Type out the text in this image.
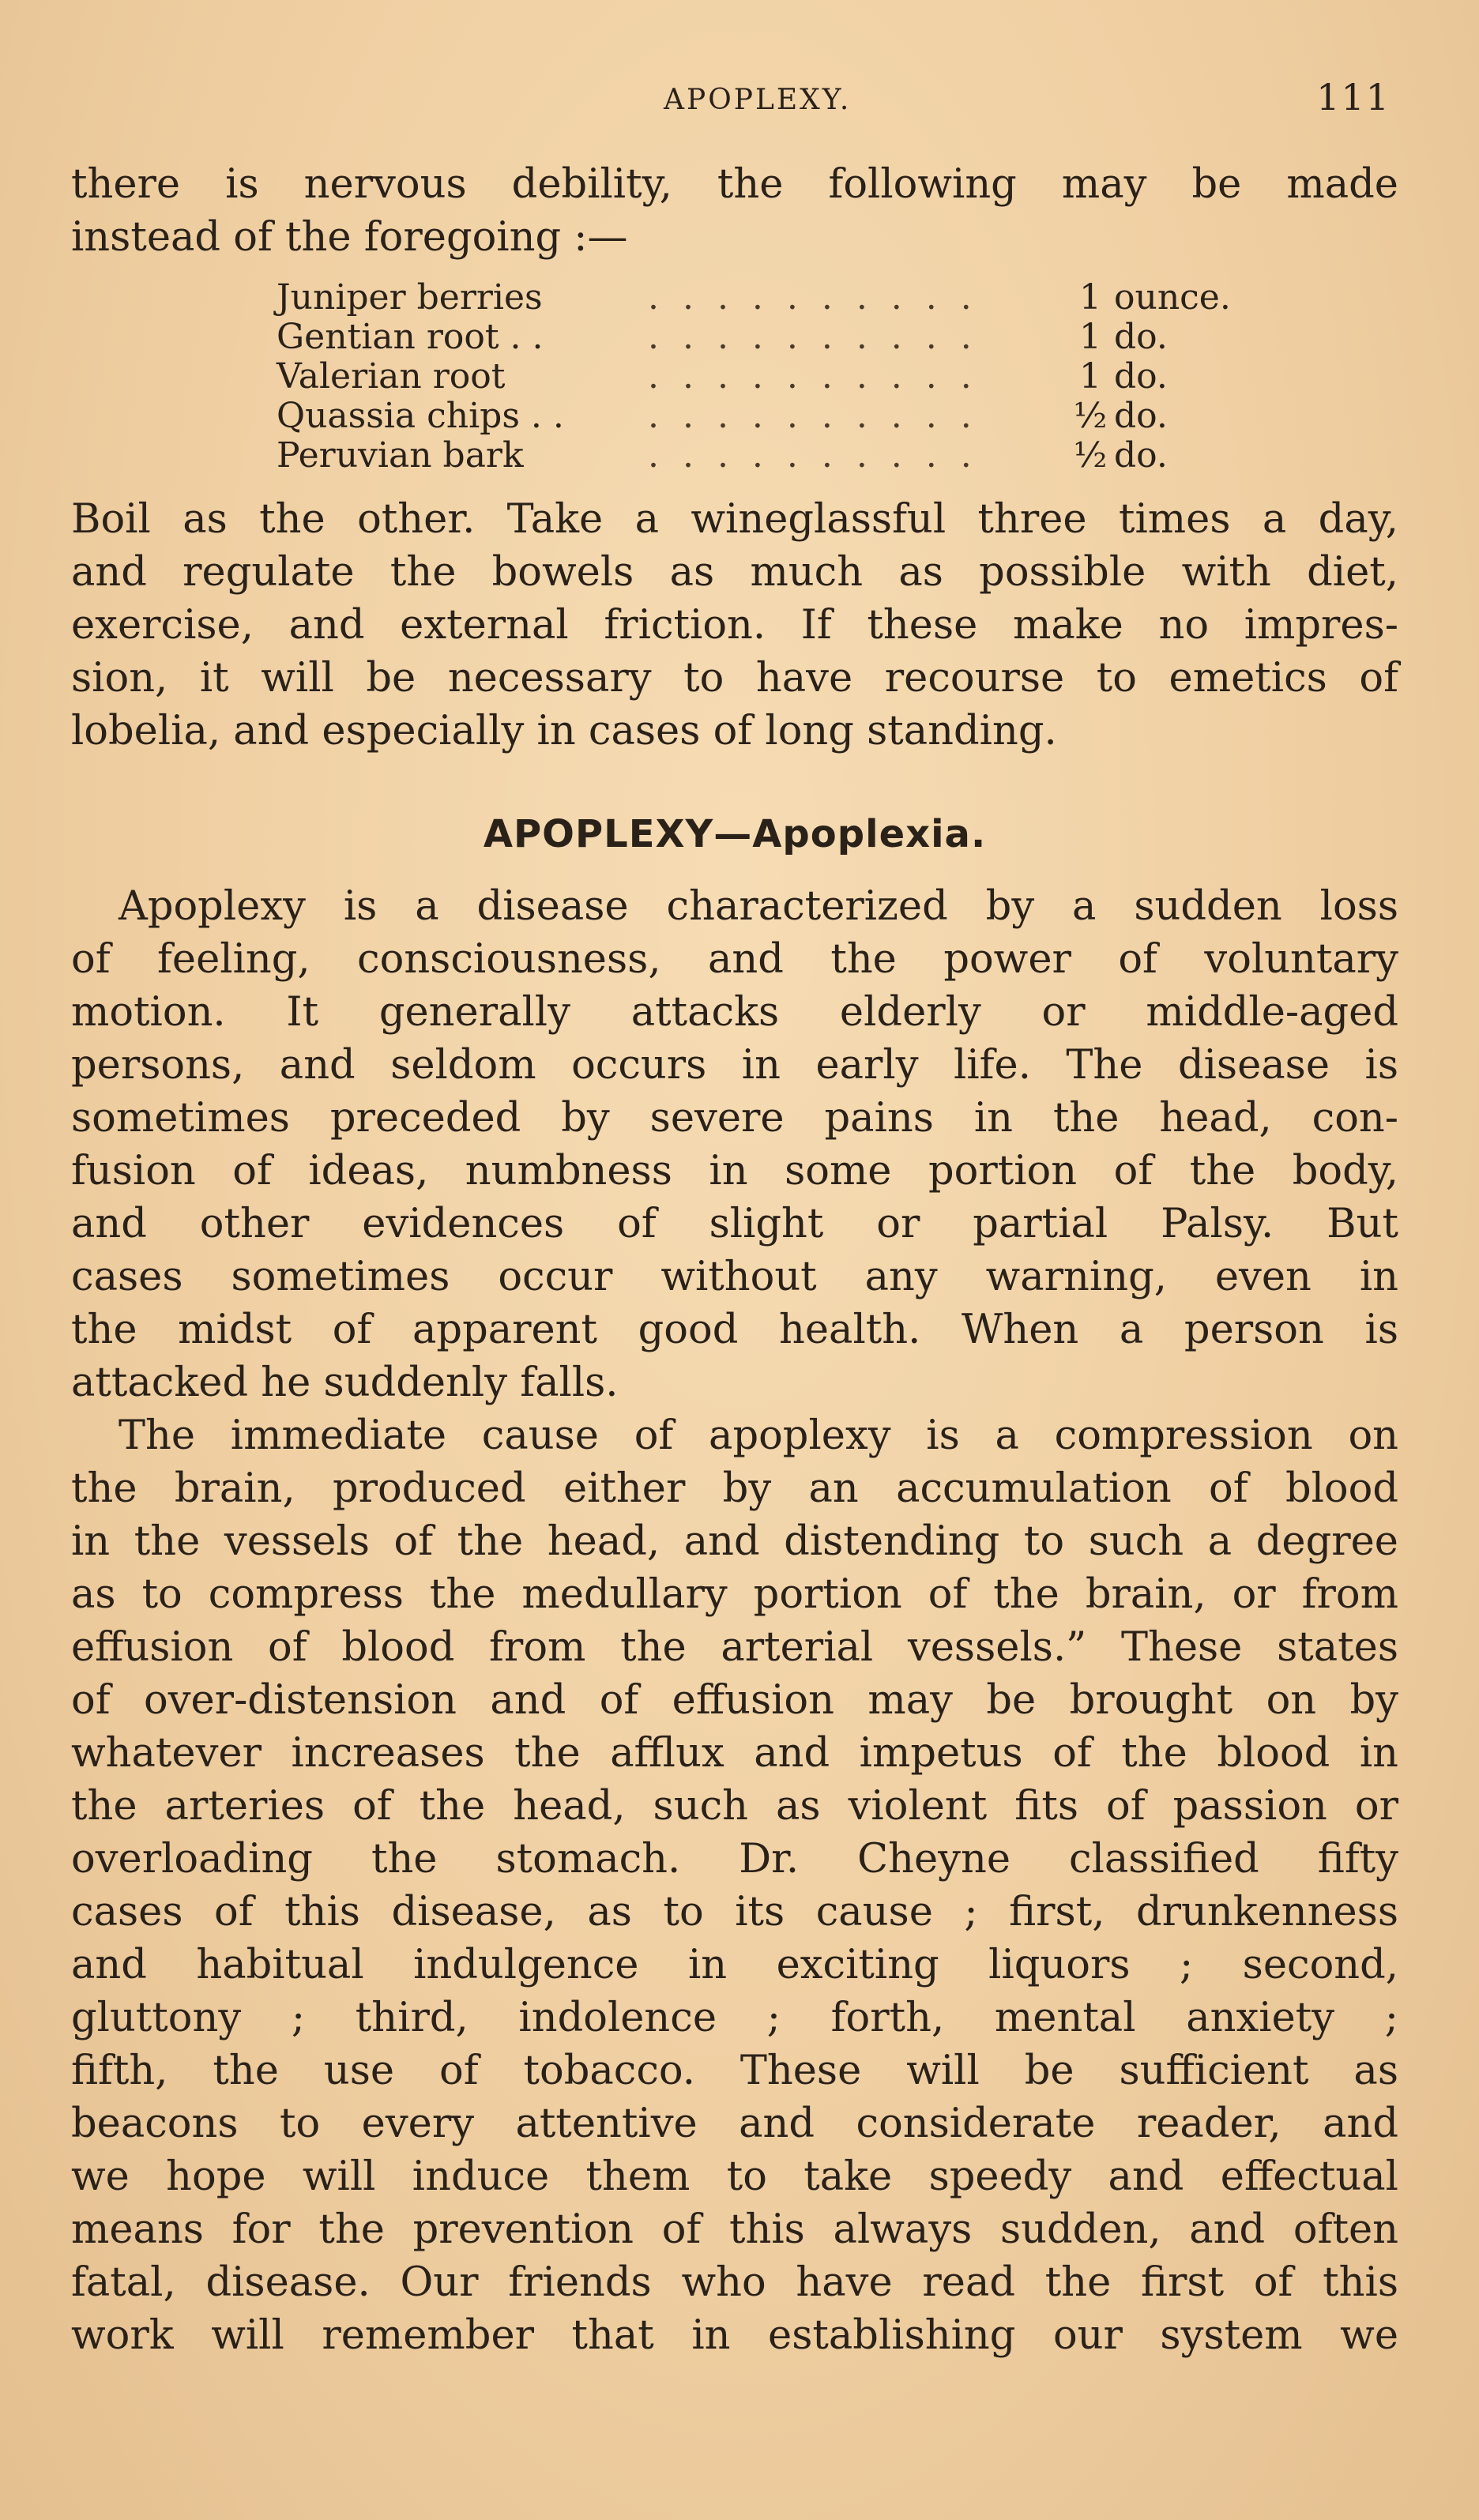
APOPLEXY.	111
there is nervous debility, the following may be made
instead of the foregoing :—
Juniper berries	. . . . . . . . . .	1 ounce.
Gentian root . .	. . . . . . . . . .	1 do.
Valerian root	. . . . . . . . . .	1 do.
Quassia chips . .	. . . . . . . . . .	½ do.
Peruvian bark	. . . . . . . . . .	½ do.
Boil as the other. Take a wineglassful three times a day,
and regulate the bowels as much as possible with diet,
exercise, and external friction. If these make no impres-
sion, it will be necessary to have recourse to emetics of
lobelia, and especially in cases of long standing.
APOPLEXY—Apoplexia.
Apoplexy is a disease characterized by a sudden loss
of feeling, consciousness, and the power of voluntary
motion. It generally attacks elderly or middle-aged
persons, and seldom occurs in early life. The disease is
sometimes preceded by severe pains in the head, con-
fusion of ideas, numbness in some portion of the body,
and other evidences of slight or partial Palsy. But
cases sometimes occur without any warning, even in
the midst of apparent good health. When a person is
attacked he suddenly falls.
The immediate cause of apoplexy is a compression on
the brain, produced either by an accumulation of blood
in the vessels of the head, and distending to such a degree
as to compress the medullary portion of the brain, or from
effusion of blood from the arterial vessels.” These states
of over-distension and of effusion may be brought on by
whatever increases the afflux and impetus of the blood in
the arteries of the head, such as violent fits of passion or
overloading the stomach. Dr. Cheyne classified fifty
cases of this disease, as to its cause ; first, drunkenness
and habitual indulgence in exciting liquors ; second,
gluttony ; third, indolence ; forth, mental anxiety ;
fifth, the use of tobacco. These will be sufficient as
beacons to every attentive and considerate reader, and
we hope will induce them to take speedy and effectual
means for the prevention of this always sudden, and often
fatal, disease. Our friends who have read the first of this
work will remember that in establishing our system we
